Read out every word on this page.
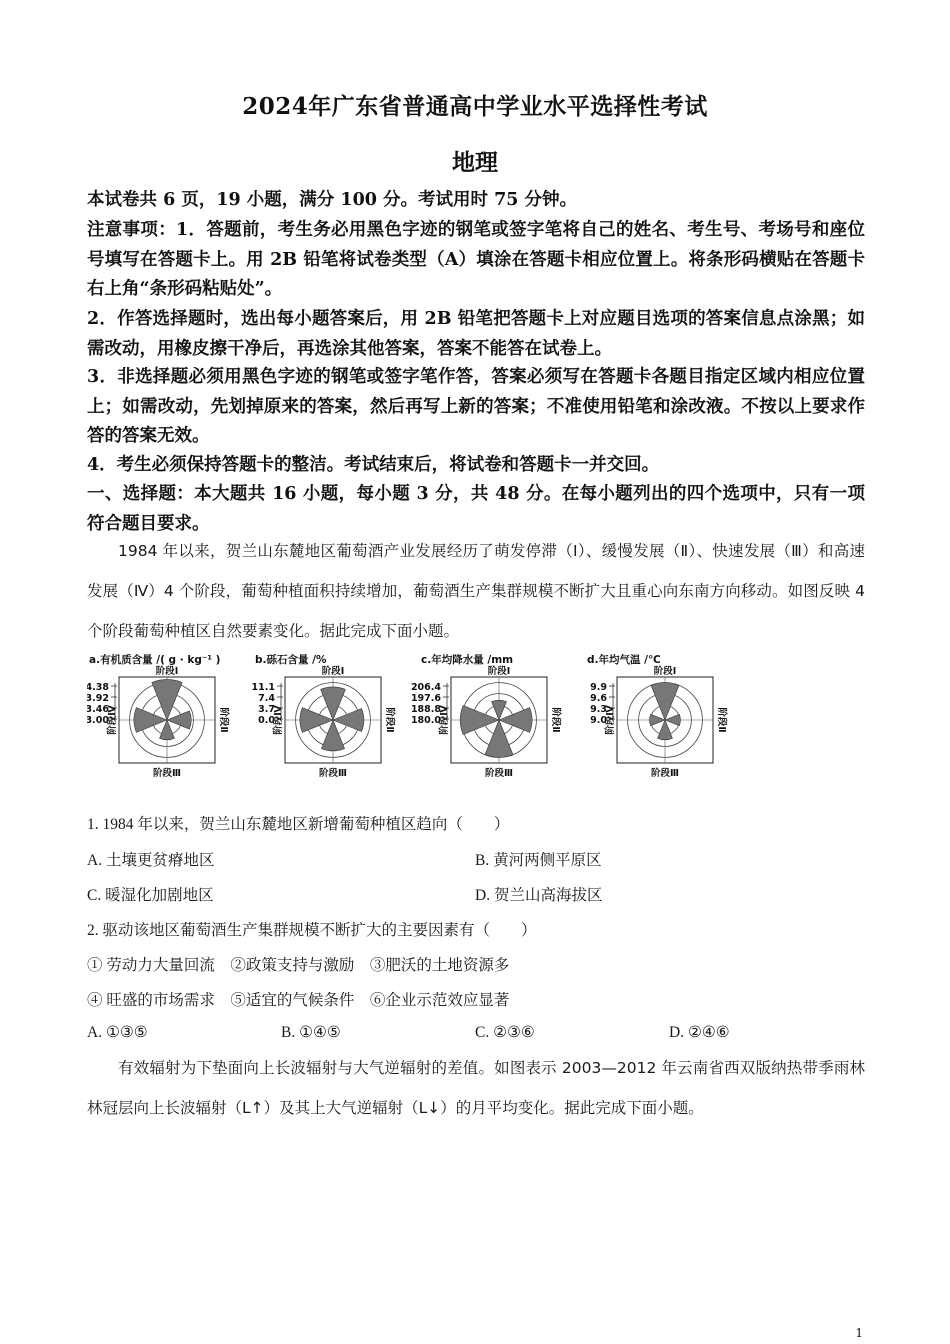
2024年广东省普通高中学业水平选择性考试
地理
本试卷共 6 页，19 小题，满分 100 分。考试用时 75 分钟。
注意事项：1．答题前，考生务必用黑色字迹的钢笔或签字笔将自己的姓名、考生号、考场号和座位号填写在答题卡上。用 2B 铅笔将试卷类型（A）填涂在答题卡相应位置上。将条形码横贴在答题卡右上角“条形码粘贴处”。
2．作答选择题时，选出每小题答案后，用 2B 铅笔把答题卡上对应题目选项的答案信息点涂黑；如需改动，用橡皮擦干净后，再选涂其他答案，答案不能答在试卷上。
3．非选择题必须用黑色字迹的钢笔或签字笔作答，答案必须写在答题卡各题目指定区域内相应位置上；如需改动，先划掉原来的答案，然后再写上新的答案；不准使用铅笔和涂改液。不按以上要求作答的答案无效。
4．考生必须保持答题卡的整洁。考试结束后，将试卷和答题卡一并交回。
一、选择题：本大题共 16 小题，每小题 3 分，共 48 分。在每小题列出的四个选项中，只有一项符合题目要求。
1984 年以来，贺兰山东麓地区葡萄酒产业发展经历了萌发停滞（Ⅰ）、缓慢发展（Ⅱ）、快速发展（Ⅲ）和高速发展（Ⅳ）4 个阶段，葡萄种植面积持续增加，葡萄酒生产集群规模不断扩大且重心向东南方向移动。如图反映 4 个阶段葡萄种植区自然要素变化。据此完成下面小题。
a.有机质含量 /( g · kg⁻¹ )
4.38
3.92
3.46
3.00
阶段Ⅰ
阶段Ⅲ
阶段Ⅱ
阶段Ⅳ
b.砾石含量 /%
11.1
7.4
3.7
0.0
阶段Ⅰ
阶段Ⅲ
阶段Ⅱ
阶段Ⅳ
c.年均降水量 /mm
206.4
197.6
188.8
180.0
阶段Ⅰ
阶段Ⅲ
阶段Ⅱ
阶段Ⅳ
d.年均气温 /℃
9.9
9.6
9.3
9.0
阶段Ⅰ
阶段Ⅲ
阶段Ⅱ
阶段Ⅳ
1. 1984 年以来，贺兰山东麓地区新增葡萄种植区趋向（　　）
A. 土壤更贫瘠地区	B. 黄河两侧平原区
C. 暖湿化加剧地区	D. 贺兰山高海拔区
2. 驱动该地区葡萄酒生产集群规模不断扩大的主要因素有（　　）
① 劳动力大量回流　②政策支持与激励　③肥沃的土地资源多
④ 旺盛的市场需求　⑤适宜的气候条件　⑥企业示范效应显著
A. ①③⑤	B. ①④⑤	C. ②③⑥	D. ②④⑥
有效辐射为下垫面向上长波辐射与大气逆辐射的差值。如图表示 2003—2012 年云南省西双版纳热带季雨林林冠层向上长波辐射（L↑）及其上大气逆辐射（L↓）的月平均变化。据此完成下面小题。
1
